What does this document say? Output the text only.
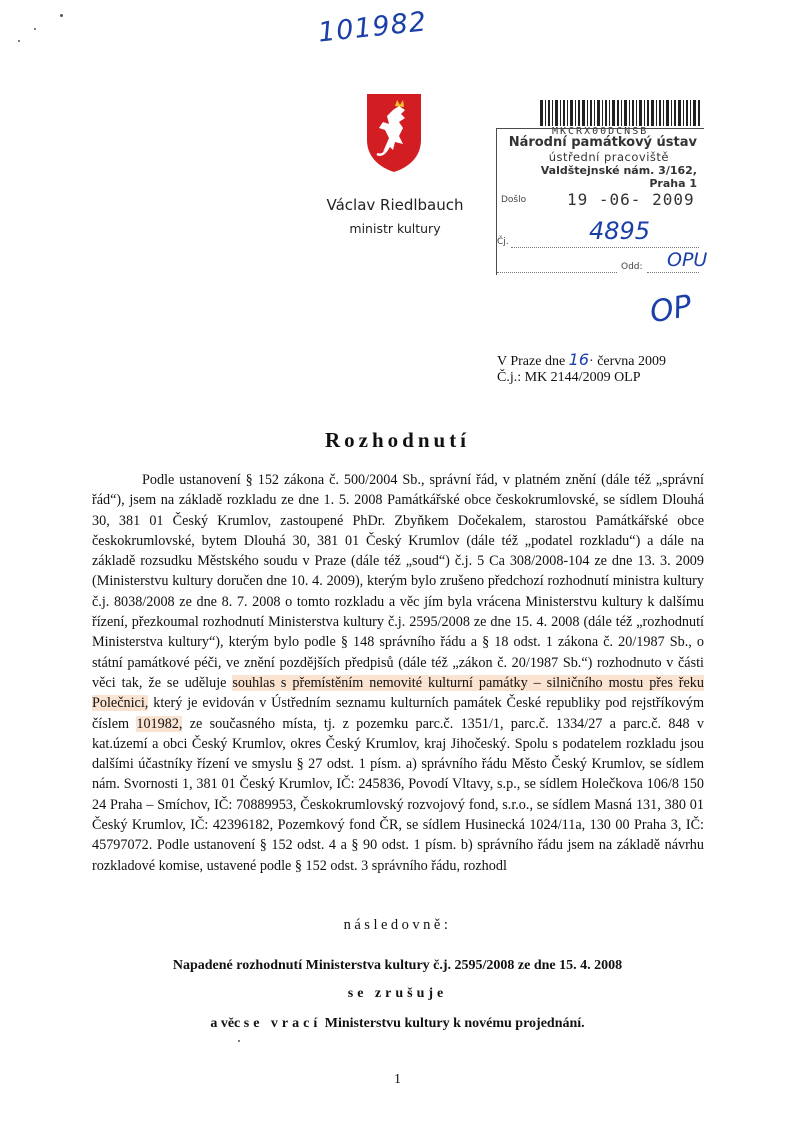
101982
OP
Václav Riedlbauch
ministr kultury
MKCRX00DCNSB
Národní památkový ústav
ústřední pracoviště
Valdštejnské nám. 3/162, Praha 1
Došlo	19 -06- 2009
Čj.	4895
Odd: OPU
V Praze dne 16· června 2009
Č.j.: MK 2144/2009 OLP
Rozhodnutí
Podle ustanovení § 152 zákona č. 500/2004 Sb., správní řád, v platném znění (dále též „správní řád“), jsem na základě rozkladu ze dne 1. 5. 2008 Památkářské obce českokrumlovské, se sídlem Dlouhá 30, 381 01 Český Krumlov, zastoupené PhDr. Zbyňkem Dočekalem, starostou Památkářské obce českokrumlovské, bytem Dlouhá 30, 381 01 Český Krumlov (dále též „podatel rozkladu“) a dále na základě rozsudku Městského soudu v Praze (dále též „soud“) č.j. 5 Ca 308/2008-104 ze dne 13. 3. 2009 (Ministerstvu kultury doručen dne 10. 4. 2009), kterým bylo zrušeno předchozí rozhodnutí ministra kultury č.j. 8038/2008 ze dne 8. 7. 2008 o tomto rozkladu a věc jím byla vrácena Ministerstvu kultury k dalšímu řízení, přezkoumal rozhodnutí Ministerstva kultury č.j. 2595/2008 ze dne 15. 4. 2008 (dále též „rozhodnutí Ministerstva kultury“), kterým bylo podle § 148 správního řádu a § 18 odst. 1 zákona č. 20/1987 Sb., o státní památkové péči, ve znění pozdějších předpisů (dále též „zákon č. 20/1987 Sb.“) rozhodnuto v části věci tak, že se uděluje souhlas s přemístěním nemovité kulturní památky – silničního mostu přes řeku Polečnici, který je evidován v Ústředním seznamu kulturních památek České republiky pod rejstříkovým číslem 101982, ze současného místa, tj. z pozemku parc.č. 1351/1, parc.č. 1334/27 a parc.č. 848 v kat.území a obci Český Krumlov, okres Český Krumlov, kraj Jihočeský. Spolu s podatelem rozkladu jsou dalšími účastníky řízení ve smyslu § 27 odst. 1 písm. a) správního řádu Město Český Krumlov, se sídlem nám. Svornosti 1, 381 01 Český Krumlov, IČ: 245836, Povodí Vltavy, s.p., se sídlem Holečkova 106/8 150 24 Praha – Smíchov, IČ: 70889953, Českokrumlovský rozvojový fond, s.r.o., se sídlem Masná 131, 380 01 Český Krumlov, IČ: 42396182, Pozemkový fond ČR, se sídlem Husinecká 1024/11a, 130 00 Praha 3, IČ: 45797072. Podle ustanovení § 152 odst. 4 a § 90 odst. 1 písm. b) správního řádu jsem na základě návrhu rozkladové komise, ustavené podle § 152 odst. 3 správního řádu, rozhodl
následovně:
Napadené rozhodnutí Ministerstva kultury č.j. 2595/2008 ze dne 15. 4. 2008
se zrušuje
a věc se vrací Ministerstvu kultury k novému projednání.
1
